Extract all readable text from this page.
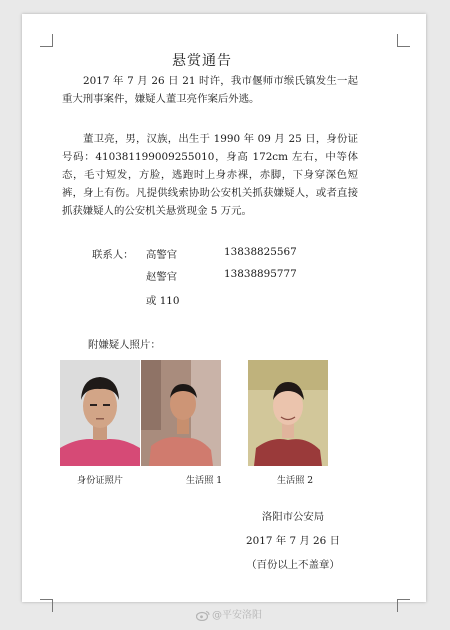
悬赏通告
2017 年 7 月 26 日 21 时许，我市偃师市缑氏镇发生一起重大刑事案件，嫌疑人董卫亮作案后外逃。
董卫亮，男，汉族，出生于 1990 年 09 月 25 日，身份证号码：410381199009255010，身高 172cm 左右，中等体态，毛寸短发，方脸，逃跑时上身赤裸，赤脚，下身穿深色短裤，身上有伤。凡提供线索协助公安机关抓获嫌疑人，或者直接抓获嫌疑人的公安机关悬赏现金 5 万元。
联系人： 高警官	13838825567
赵警官	13838895777
或 110
附嫌疑人照片：
身份证照片	生活照 1	生活照 2
洛阳市公安局
2017 年 7 月 26 日
（百份以上不盖章）
@平安洛阳
